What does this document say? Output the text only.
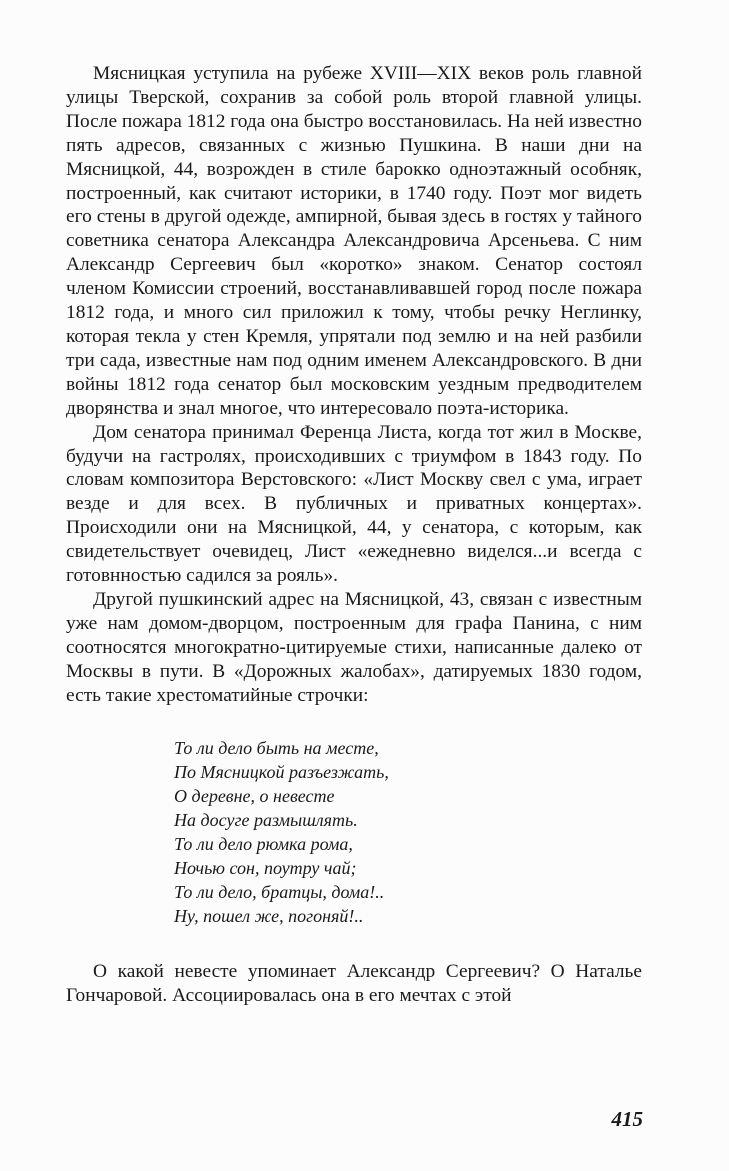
Мясницкая уступила на рубеже XVIII—XIX веков роль главной улицы Тверской, сохранив за собой роль второй главной улицы. После пожара 1812 года она быстро восстановилась. На ней известно пять адресов, связанных с жизнью Пушкина. В наши дни на Мясницкой, 44, возрожден в стиле барокко одноэтажный особняк, построенный, как считают историки, в 1740 году. Поэт мог видеть его стены в другой одежде, ампирной, бывая здесь в гостях у тайного советника сенатора Александра Александровича Арсеньева. С ним Александр Сергеевич был «коротко» знаком. Сенатор состоял членом Комиссии строений, восстанавливавшей город после пожара 1812 года, и много сил приложил к тому, чтобы речку Неглинку, которая текла у стен Кремля, упрятали под землю и на ней разбили три сада, известные нам под одним именем Александровского. В дни войны 1812 года сенатор был московским уездным предводителем дворянства и знал многое, что интересовало поэта-историка.

Дом сенатора принимал Ференца Листа, когда тот жил в Москве, будучи на гастролях, происходивших с триумфом в 1843 году. По словам композитора Верстовского: «Лист Москву свел с ума, играет везде и для всех. В публичных и приватных концертах». Происходили они на Мясницкой, 44, у сенатора, с которым, как свидетельствует очевидец, Лист «ежедневно виделся...и всегда с готовнностью садился за рояль».

Другой пушкинский адрес на Мясницкой, 43, связан с известным уже нам домом-дворцом, построенным для графа Панина, с ним соотносятся многократно-цитируемые стихи, написанные далеко от Москвы в пути. В «Дорожных жалобах», датируемых 1830 годом, есть такие хрестоматийные строчки:

То ли дело быть на месте,
По Мясницкой разъезжать,
О деревне, о невесте
На досуге размышлять.
То ли дело рюмка рома,
Ночью сон, поутру чай;
То ли дело, братцы, дома!..
Ну, пошел же, погоняй!..

О какой невесте упоминает Александр Сергеевич? О Наталье Гончаровой. Ассоциировалась она в его мечтах с этой

415
